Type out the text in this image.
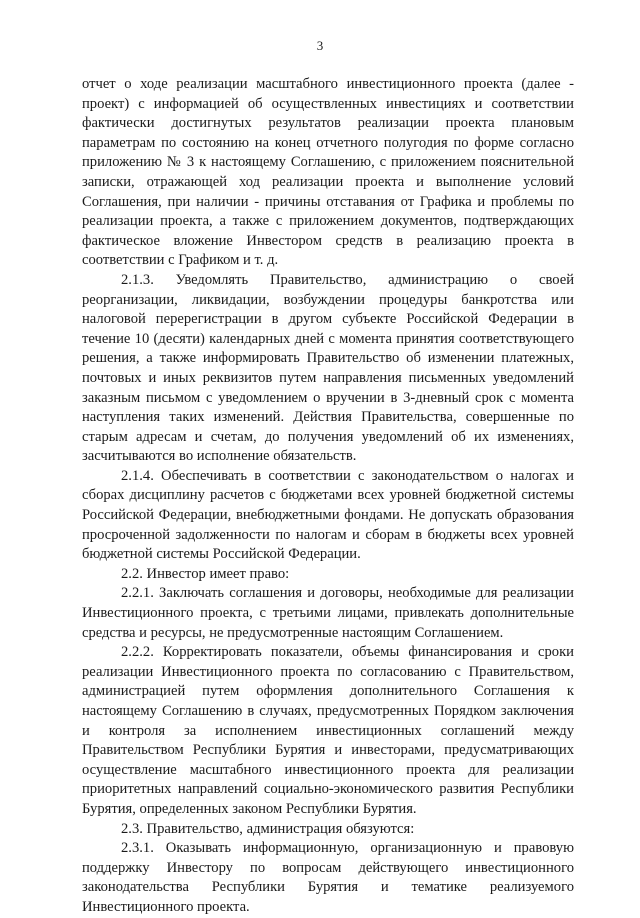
3

отчет о ходе реализации масштабного инвестиционного проекта (далее - проект) с информацией об осуществленных инвестициях и соответствии фактически достигнутых результатов реализации проекта плановым параметрам по состоянию на конец отчетного полугодия по форме согласно приложению № 3 к настоящему Соглашению, с приложением пояснительной записки, отражающей ход реализации проекта и выполнение условий Соглашения, при наличии - причины отставания от Графика и проблемы по реализации проекта, а также с приложением документов, подтверждающих фактическое вложение Инвестором средств в реализацию проекта в соответствии с Графиком и т. д.

2.1.3. Уведомлять Правительство, администрацию о своей реорганизации, ликвидации, возбуждении процедуры банкротства или налоговой перерегистрации в другом субъекте Российской Федерации в течение 10 (десяти) календарных дней с момента принятия соответствующего решения, а также информировать Правительство об изменении платежных, почтовых и иных реквизитов путем направления письменных уведомлений заказным письмом с уведомлением о вручении в 3-дневный срок с момента наступления таких изменений. Действия Правительства, совершенные по старым адресам и счетам, до получения уведомлений об их изменениях, засчитываются во исполнение обязательств.

2.1.4. Обеспечивать в соответствии с законодательством о налогах и сборах дисциплину расчетов с бюджетами всех уровней бюджетной системы Российской Федерации, внебюджетными фондами. Не допускать образования просроченной задолженности по налогам и сборам в бюджеты всех уровней бюджетной системы Российской Федерации.

2.2. Инвестор имеет право:

2.2.1. Заключать соглашения и договоры, необходимые для реализации Инвестиционного проекта, с третьими лицами, привлекать дополнительные средства и ресурсы, не предусмотренные настоящим Соглашением.

2.2.2. Корректировать показатели, объемы финансирования и сроки реализации Инвестиционного проекта по согласованию с Правительством, администрацией путем оформления дополнительного Соглашения к настоящему Соглашению в случаях, предусмотренных Порядком заключения и контроля за исполнением инвестиционных соглашений между Правительством Республики Бурятия и инвесторами, предусматривающих осуществление масштабного инвестиционного проекта для реализации приоритетных направлений социально-экономического развития Республики Бурятия, определенных законом Республики Бурятия.

2.3. Правительство, администрация обязуются:

2.3.1. Оказывать информационную, организационную и правовую поддержку Инвестору по вопросам действующего инвестиционного законодательства Республики Бурятия и тематике реализуемого Инвестиционного проекта.
